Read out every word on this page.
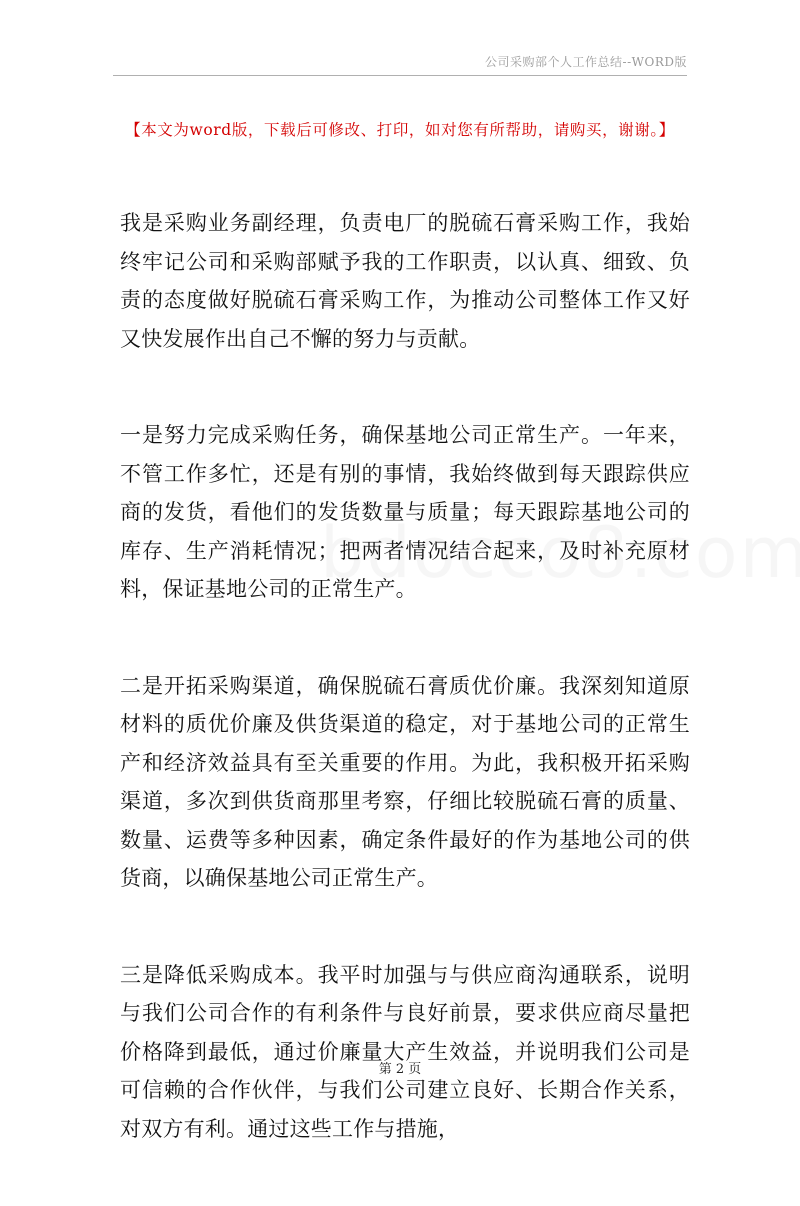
公司采购部个人工作总结--WORD版
【本文为word版，下载后可修改、打印，如对您有所帮助，请购买，谢谢。】

我是采购业务副经理，负责电厂的脱硫石膏采购工作，我始终牢记公司和采购部赋予我的工作职责，以认真、细致、负责的态度做好脱硫石膏采购工作，为推动公司整体工作又好又快发展作出自己不懈的努力与贡献。

一是努力完成采购任务，确保基地公司正常生产。一年来，不管工作多忙，还是有别的事情，我始终做到每天跟踪供应商的发货，看他们的发货数量与质量；每天跟踪基地公司的库存、生产消耗情况；把两者情况结合起来，及时补充原材料，保证基地公司的正常生产。

二是开拓采购渠道，确保脱硫石膏质优价廉。我深刻知道原材料的质优价廉及供货渠道的稳定，对于基地公司的正常生产和经济效益具有至关重要的作用。为此，我积极开拓采购渠道，多次到供货商那里考察，仔细比较脱硫石膏的质量、数量、运费等多种因素，确定条件最好的作为基地公司的供货商，以确保基地公司正常生产。

三是降低采购成本。我平时加强与与供应商沟通联系，说明与我们公司合作的有利条件与良好前景，要求供应商尽量把价格降到最低，通过价廉量大产生效益，并说明我们公司是可信赖的合作伙伴，与我们公司建立良好、长期合作关系，对双方有利。通过这些工作与措施，

第 2 页
